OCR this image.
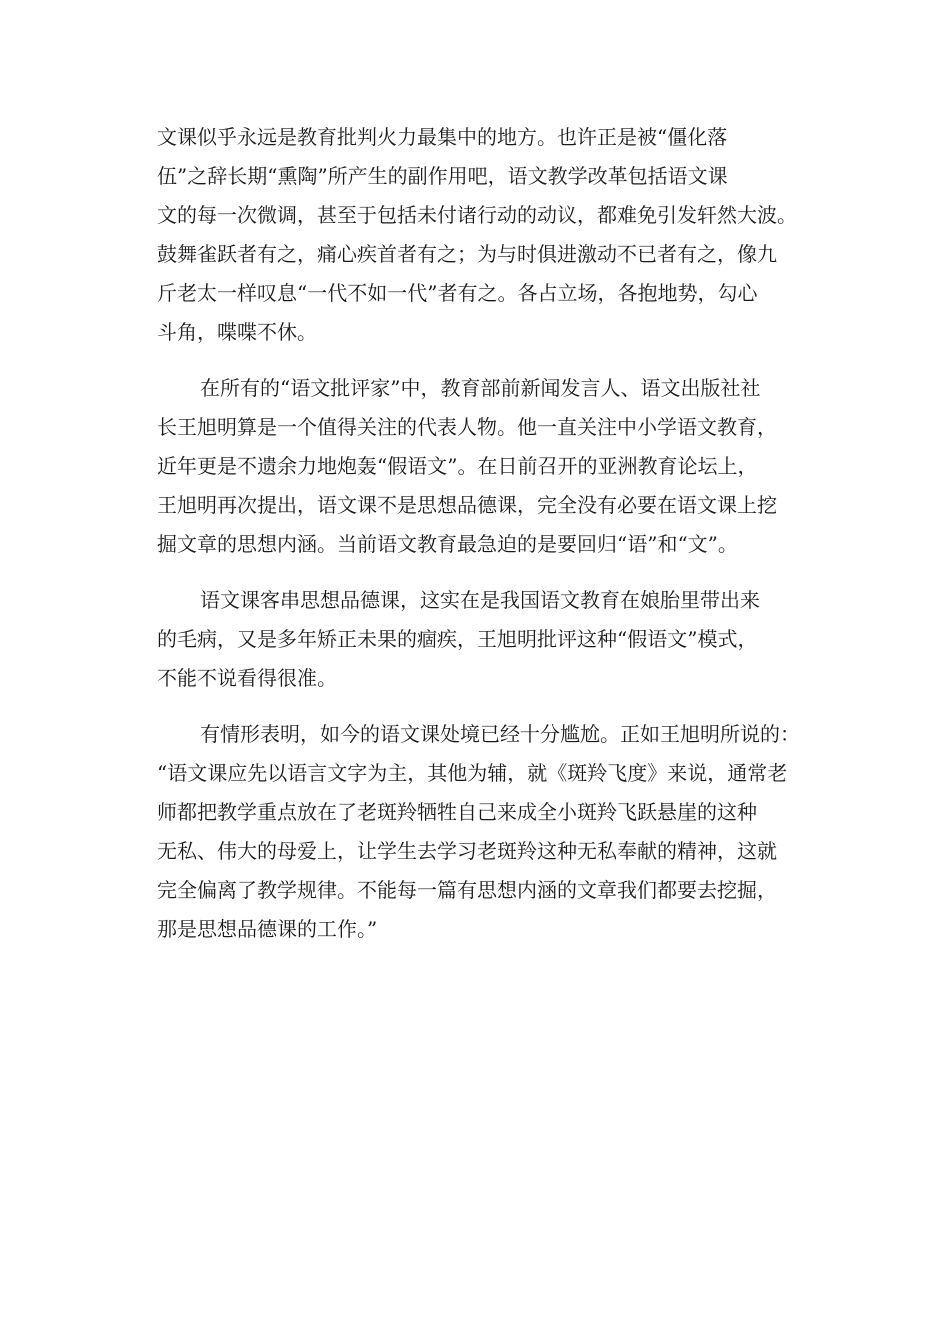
文课似乎永远是教育批判火力最集中的地方。也许正是被“僵化落
伍”之辞长期“熏陶”所产生的副作用吧，语文教学改革包括语文课
文的每一次微调，甚至于包括未付诸行动的动议，都难免引发轩然大波。
鼓舞雀跃者有之，痛心疾首者有之；为与时俱进激动不已者有之，像九
斤老太一样叹息“一代不如一代”者有之。各占立场，各抱地势，勾心
斗角，喋喋不休。
在所有的“语文批评家”中，教育部前新闻发言人、语文出版社社
长王旭明算是一个值得关注的代表人物。他一直关注中小学语文教育，
近年更是不遗余力地炮轰“假语文”。在日前召开的亚洲教育论坛上，
王旭明再次提出，语文课不是思想品德课，完全没有必要在语文课上挖
掘文章的思想内涵。当前语文教育最急迫的是要回归“语”和“文”。
语文课客串思想品德课，这实在是我国语文教育在娘胎里带出来
的毛病，又是多年矫正未果的痼疾，王旭明批评这种“假语文”模式，
不能不说看得很准。
有情形表明，如今的语文课处境已经十分尴尬。正如王旭明所说的：
“语文课应先以语言文字为主，其他为辅，就《斑羚飞度》来说，通常老
师都把教学重点放在了老斑羚牺牲自己来成全小斑羚飞跃悬崖的这种
无私、伟大的母爱上，让学生去学习老斑羚这种无私奉献的精神，这就
完全偏离了教学规律。不能每一篇有思想内涵的文章我们都要去挖掘，
那是思想品德课的工作。”
